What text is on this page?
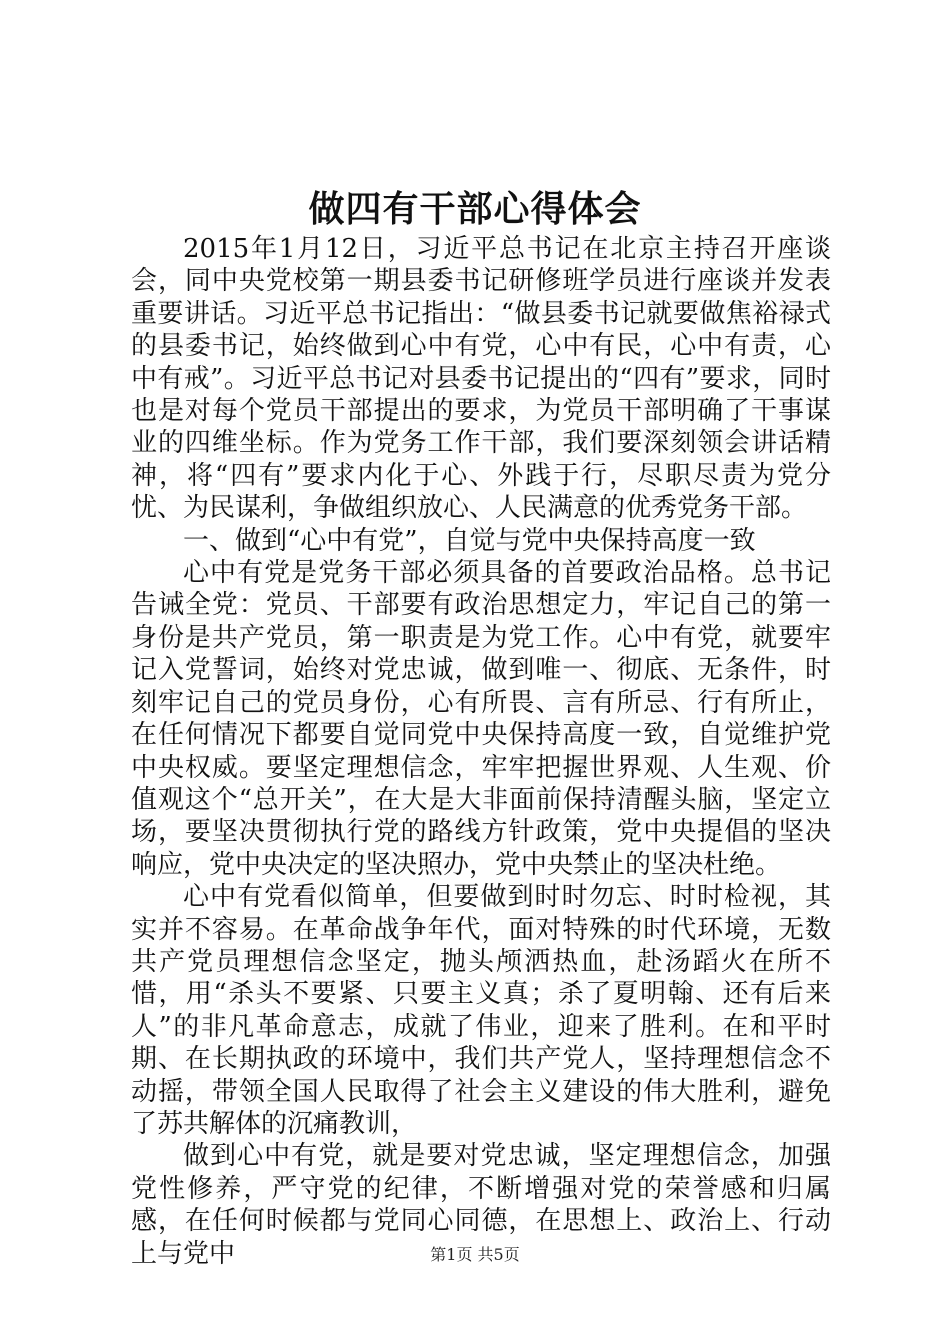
做四有干部心得体会

2015年1月12日，习近平总书记在北京主持召开座谈会，同中央党校第一期县委书记研修班学员进行座谈并发表重要讲话。习近平总书记指出：“做县委书记就要做焦裕禄式的县委书记，始终做到心中有党，心中有民，心中有责，心中有戒”。习近平总书记对县委书记提出的“四有”要求，同时也是对每个党员干部提出的要求，为党员干部明确了干事谋业的四维坐标。作为党务工作干部，我们要深刻领会讲话精神，将“四有”要求内化于心、外践于行，尽职尽责为党分忧、为民谋利，争做组织放心、人民满意的优秀党务干部。

一、做到“心中有党”，自觉与党中央保持高度一致

心中有党是党务干部必须具备的首要政治品格。总书记告诫全党：党员、干部要有政治思想定力，牢记自己的第一身份是共产党员，第一职责是为党工作。心中有党，就要牢记入党誓词，始终对党忠诚，做到唯一、彻底、无条件，时刻牢记自己的党员身份，心有所畏、言有所忌、行有所止，在任何情况下都要自觉同党中央保持高度一致，自觉维护党中央权威。要坚定理想信念，牢牢把握世界观、人生观、价值观这个“总开关”，在大是大非面前保持清醒头脑，坚定立场，要坚决贯彻执行党的路线方针政策，党中央提倡的坚决响应，党中央决定的坚决照办，党中央禁止的坚决杜绝。

心中有党看似简单，但要做到时时勿忘、时时检视，其实并不容易。在革命战争年代，面对特殊的时代环境，无数共产党员理想信念坚定，抛头颅洒热血，赴汤蹈火在所不惜，用“杀头不要紧、只要主义真；杀了夏明翰、还有后来人”的非凡革命意志，成就了伟业，迎来了胜利。在和平时期、在长期执政的环境中，我们共产党人，坚持理想信念不动摇，带领全国人民取得了社会主义建设的伟大胜利，避免了苏共解体的沉痛教训，

做到心中有党，就是要对党忠诚，坚定理想信念，加强党性修养，严守党的纪律，不断增强对党的荣誉感和归属感，在任何时候都与党同心同德，在思想上、政治上、行动上与党中	第1页 共5页
